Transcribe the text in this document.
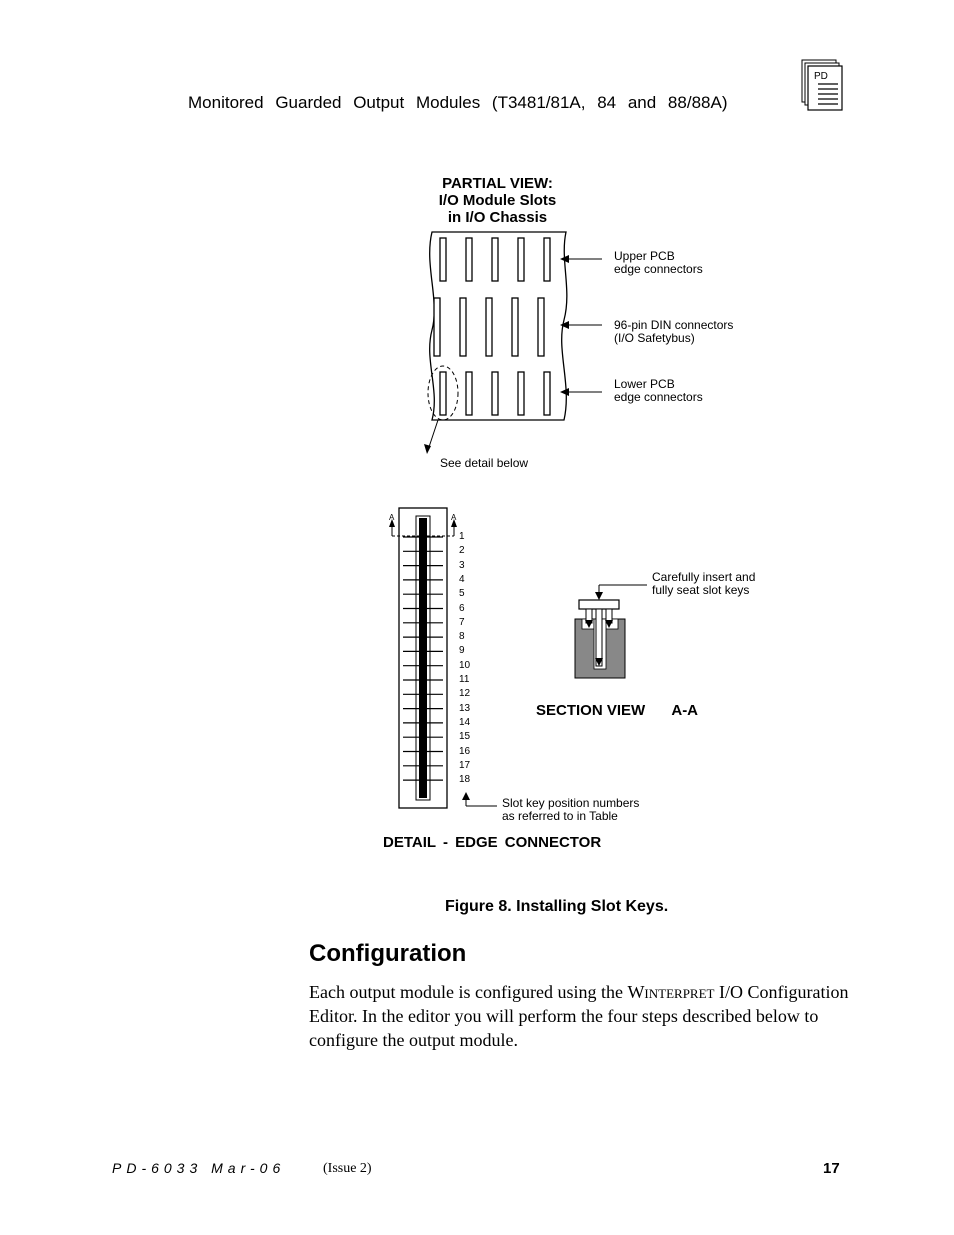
Monitored Guarded Output Modules (T3481/81A, 84 and 88/88A)
PD
PARTIAL VIEW:
I/O Module Slots
in I/O Chassis
Upper PCB
edge connectors
96-pin DIN connectors
(I/O Safetybus)
Lower PCB
edge connectors
See detail below
A	A
1
2
3
4
5
6
7
8
9
10
11
12
13
14
15
16
17
18
Carefully insert and
fully seat slot keys
SECTION VIEW A-A
Slot key position numbers
as referred to in Table
DETAIL - EDGE CONNECTOR
Figure 8. Installing Slot Keys.
Configuration
Each output module is configured using the Winterpret I/O Configuration Editor. In the editor you will perform the four steps described below to configure the output module.
PD-6033 Mar-06	(Issue 2)	17
